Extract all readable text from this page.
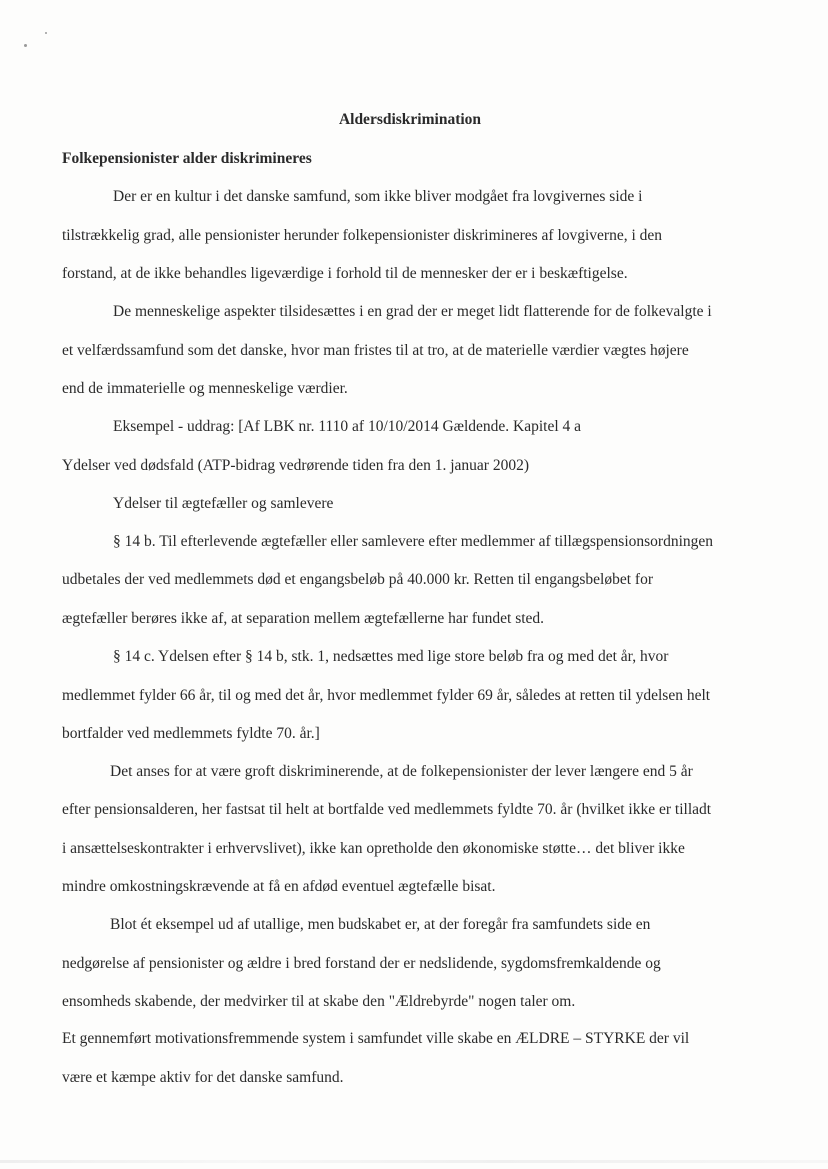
Aldersdiskrimination
Folkepensionister alder diskrimineres
Der er en kultur i det danske samfund, som ikke bliver modgået fra lovgivernes side i
tilstrækkelig grad, alle pensionister herunder folkepensionister diskrimineres af lovgiverne, i den
forstand, at de ikke behandles ligeværdige i forhold til de mennesker der er i beskæftigelse.
De menneskelige aspekter tilsidesættes i en grad der er meget lidt flatterende for de folkevalgte i
et velfærdssamfund som det danske, hvor man fristes til at tro, at de materielle værdier vægtes højere
end de immaterielle og menneskelige værdier.
Eksempel - uddrag: [Af LBK nr. 1110 af 10/10/2014 Gældende. Kapitel 4 a
Ydelser ved dødsfald (ATP-bidrag vedrørende tiden fra den 1. januar 2002)
Ydelser til ægtefæller og samlevere
§ 14 b. Til efterlevende ægtefæller eller samlevere efter medlemmer af tillægspensionsordningen
udbetales der ved medlemmets død et engangsbeløb på 40.000 kr. Retten til engangsbeløbet for
ægtefæller berøres ikke af, at separation mellem ægtefællerne har fundet sted.
§ 14 c. Ydelsen efter § 14 b, stk. 1, nedsættes med lige store beløb fra og med det år, hvor
medlemmet fylder 66 år, til og med det år, hvor medlemmet fylder 69 år, således at retten til ydelsen helt
bortfalder ved medlemmets fyldte 70. år.]
Det anses for at være groft diskriminerende, at de folkepensionister der lever længere end 5 år
efter pensionsalderen, her fastsat til helt at bortfalde ved medlemmets fyldte 70. år (hvilket ikke er tilladt
i ansættelseskontrakter i erhvervslivet), ikke kan opretholde den økonomiske støtte… det bliver ikke
mindre omkostningskrævende at få en afdød eventuel ægtefælle bisat.
Blot ét eksempel ud af utallige, men budskabet er, at der foregår fra samfundets side en
nedgørelse af pensionister og ældre i bred forstand der er nedslidende, sygdomsfremkaldende og
ensomheds skabende, der medvirker til at skabe den "Ældrebyrde" nogen taler om.
Et gennemført motivationsfremmende system i samfundet ville skabe en ÆLDRE – STYRKE der vil
være et kæmpe aktiv for det danske samfund.
